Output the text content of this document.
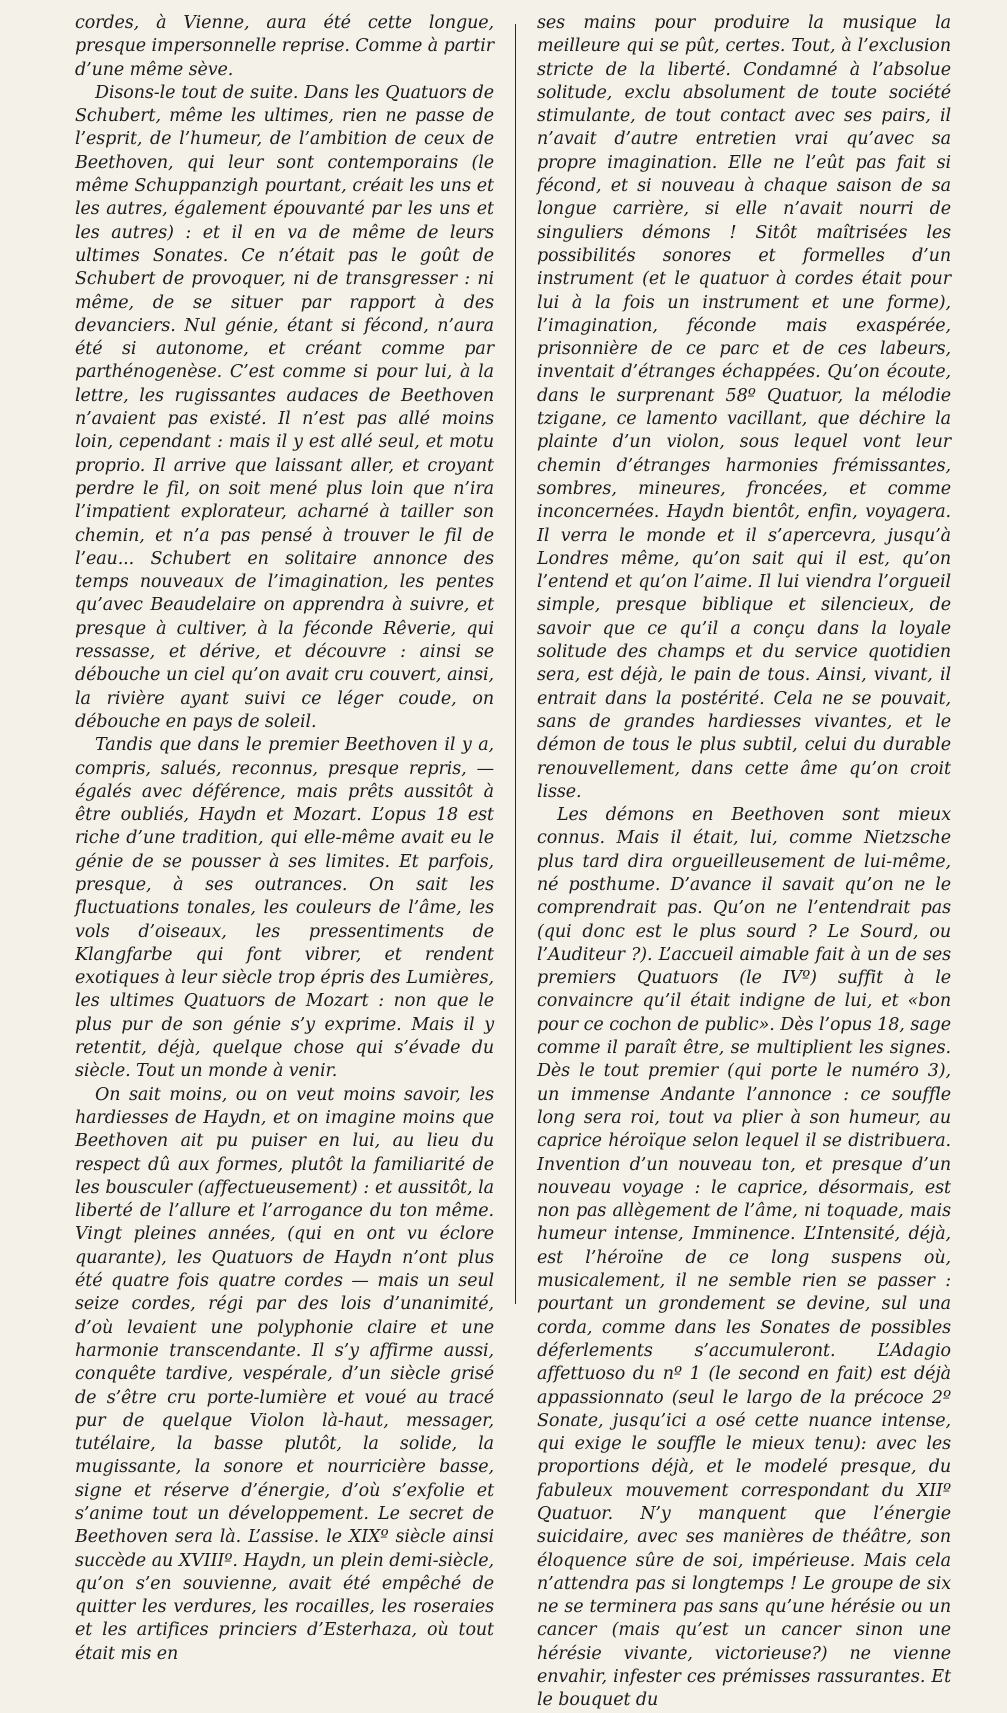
cordes, à Vienne, aura été cette longue, presque impersonnelle reprise. Comme à partir d’une même sève.

Disons-le tout de suite. Dans les Quatuors de Schubert, même les ultimes, rien ne passe de l’esprit, de l’humeur, de l’ambition de ceux de Beethoven, qui leur sont contemporains (le même Schuppanzigh pourtant, créait les uns et les autres, également épouvanté par les uns et les autres) : et il en va de même de leurs ultimes Sonates. Ce n’était pas le goût de Schubert de provoquer, ni de transgresser : ni même, de se situer par rapport à des devanciers. Nul génie, étant si fécond, n’aura été si autonome, et créant comme par parthénogenèse. C’est comme si pour lui, à la lettre, les rugissantes audaces de Beethoven n’avaient pas existé. Il n’est pas allé moins loin, cependant : mais il y est allé seul, et motu proprio. Il arrive que laissant aller, et croyant perdre le fil, on soit mené plus loin que n’ira l’impatient explorateur, acharné à tailler son chemin, et n’a pas pensé à trouver le fil de l’eau... Schubert en solitaire annonce des temps nouveaux de l’imagination, les pentes qu’avec Beaudelaire on apprendra à suivre, et presque à cultiver, à la féconde Rêverie, qui ressasse, et dérive, et découvre : ainsi se débouche un ciel qu’on avait cru couvert, ainsi, la rivière ayant suivi ce léger coude, on débouche en pays de soleil.

Tandis que dans le premier Beethoven il y a, compris, salués, reconnus, presque repris, — égalés avec déférence, mais prêts aussitôt à être oubliés, Haydn et Mozart. L’opus 18 est riche d’une tradition, qui elle-même avait eu le génie de se pousser à ses limites. Et parfois, presque, à ses outrances. On sait les fluctuations tonales, les couleurs de l’âme, les vols d’oiseaux, les pressentiments de Klangfarbe qui font vibrer, et rendent exotiques à leur siècle trop épris des Lumières, les ultimes Quatuors de Mozart : non que le plus pur de son génie s’y exprime. Mais il y retentit, déjà, quelque chose qui s’évade du siècle. Tout un monde à venir.

On sait moins, ou on veut moins savoir, les hardiesses de Haydn, et on imagine moins que Beethoven ait pu puiser en lui, au lieu du respect dû aux formes, plutôt la familiarité de les bousculer (affectueusement) : et aussitôt, la liberté de l’allure et l’arrogance du ton même. Vingt pleines années, (qui en ont vu éclore quarante), les Quatuors de Haydn n’ont plus été quatre fois quatre cordes — mais un seul seize cordes, régi par des lois d’unanimité, d’où levaient une polyphonie claire et une harmonie transcendante. Il s’y affirme aussi, conquête tardive, vespérale, d’un siècle grisé de s’être cru porte-lumière et voué au tracé pur de quelque Violon là-haut, messager, tutélaire, la basse plutôt, la solide, la mugissante, la sonore et nourricière basse, signe et réserve d’énergie, d’où s’exfolie et s’anime tout un développement. Le secret de Beethoven sera là. L’assise. le XIXº siècle ainsi succède au XVIIIº. Haydn, un plein demi-siècle, qu’on s’en souvienne, avait été empêché de quitter les verdures, les rocailles, les roseraies et les artifices princiers d’Esterhaza, où tout était mis en

ses mains pour produire la musique la meilleure qui se pût, certes. Tout, à l’exclusion stricte de la liberté. Condamné à l’absolue solitude, exclu absolument de toute société stimulante, de tout contact avec ses pairs, il n’avait d’autre entretien vrai qu’avec sa propre imagination. Elle ne l’eût pas fait si fécond, et si nouveau à chaque saison de sa longue carrière, si elle n’avait nourri de singuliers démons ! Sitôt maîtrisées les possibilités sonores et formelles d’un instrument (et le quatuor à cordes était pour lui à la fois un instrument et une forme), l’imagination, féconde mais exaspérée, prisonnière de ce parc et de ces labeurs, inventait d’étranges échappées. Qu’on écoute, dans le surprenant 58º Quatuor, la mélodie tzigane, ce lamento vacillant, que déchire la plainte d’un violon, sous lequel vont leur chemin d’étranges harmonies frémissantes, sombres, mineures, froncées, et comme inconcernées. Haydn bientôt, enfin, voyagera. Il verra le monde et il s’apercevra, jusqu’à Londres même, qu’on sait qui il est, qu’on l’entend et qu’on l’aime. Il lui viendra l’orgueil simple, presque biblique et silencieux, de savoir que ce qu’il a conçu dans la loyale solitude des champs et du service quotidien sera, est déjà, le pain de tous. Ainsi, vivant, il entrait dans la postérité. Cela ne se pouvait, sans de grandes hardiesses vivantes, et le démon de tous le plus subtil, celui du durable renouvellement, dans cette âme qu’on croit lisse.

Les démons en Beethoven sont mieux connus. Mais il était, lui, comme Nietzsche plus tard dira orgueilleusement de lui-même, né posthume. D’avance il savait qu’on ne le comprendrait pas. Qu’on ne l’entendrait pas (qui donc est le plus sourd ? Le Sourd, ou l’Auditeur ?). L’accueil aimable fait à un de ses premiers Quatuors (le IVº) suffit à le convaincre qu’il était indigne de lui, et «bon pour ce cochon de public». Dès l’opus 18, sage comme il paraît être, se multiplient les signes. Dès le tout premier (qui porte le numéro 3), un immense Andante l’annonce : ce souffle long sera roi, tout va plier à son humeur, au caprice héroïque selon lequel il se distribuera. Invention d’un nouveau ton, et presque d’un nouveau voyage : le caprice, désormais, est non pas allègement de l’âme, ni toquade, mais humeur intense, Imminence. L’Intensité, déjà, est l’héroïne de ce long suspens où, musicalement, il ne semble rien se passer : pourtant un grondement se devine, sul una corda, comme dans les Sonates de possibles déferlements s’accumuleront. L’Adagio affettuoso du nº 1 (le second en fait) est déjà appassionnato (seul le largo de la précoce 2º Sonate, jusqu’ici a osé cette nuance intense, qui exige le souffle le mieux tenu): avec les proportions déjà, et le modelé presque, du fabuleux mouvement correspondant du XIIº Quatuor. N’y manquent que l’énergie suicidaire, avec ses manières de théâtre, son éloquence sûre de soi, impérieuse. Mais cela n’attendra pas si longtemps ! Le groupe de six ne se terminera pas sans qu’une hérésie ou un cancer (mais qu’est un cancer sinon une hérésie vivante, victorieuse?) ne vienne envahir, infester ces prémisses rassurantes. Et le bouquet du
